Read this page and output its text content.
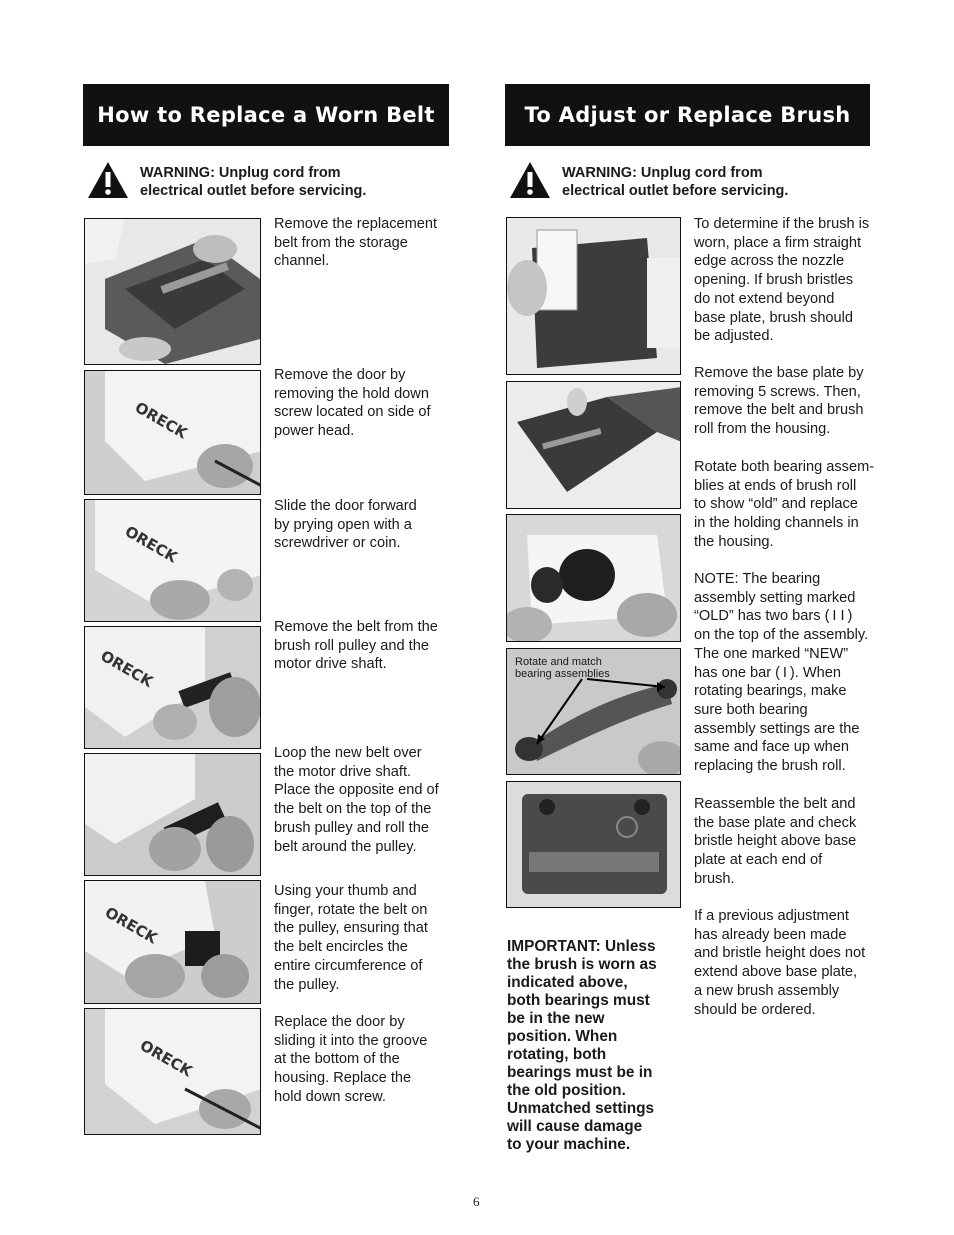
How to Replace a Worn Belt
WARNING: Unplug cord from
electrical outlet before servicing.
ORECK
ORECK
ORECK
ORECK
ORECK
Remove the replacement
belt from the storage
channel.
Remove the door by
removing the hold down
screw located on side of
power head.
Slide the door forward
by prying open with a
screwdriver or coin.
Remove the belt from the
brush roll pulley and the
motor drive shaft.
Loop the new belt over
the motor drive shaft.
Place the opposite end of
the belt on the top of the
brush pulley and roll the
belt around the pulley.
Using your thumb and
finger, rotate the belt on
the pulley, ensuring that
the belt encircles the
entire circumference of
the pulley.
Replace the door by
sliding it into the groove
at the bottom of the
housing. Replace the
hold down screw.
To Adjust or Replace Brush
WARNING: Unplug cord from
electrical outlet before servicing.
Rotate and match
bearing assemblies
To determine if the brush is
worn, place a firm straight
edge across the nozzle
opening. If brush bristles
do not extend beyond
base plate, brush should
be adjusted.
Remove the base plate by
removing 5 screws. Then,
remove the belt and brush
roll from the housing.
Rotate both bearing assem-
blies at ends of brush roll
to show “old” and replace
in the holding channels in
the housing.
NOTE: The bearing
assembly setting marked
“OLD” has two bars ( I I )
on the top of the assembly.
The one marked “NEW”
has one bar ( I ). When
rotating bearings, make
sure both bearing
assembly settings are the
same and face up when
replacing the brush roll.
Reassemble the belt and
the base plate and check
bristle height above base
plate at each end of
brush.
If a previous adjustment
has already been made
and bristle height does not
extend above base plate,
a new brush assembly
should be ordered.
IMPORTANT: Unless
the brush is worn as
indicated above,
both bearings must
be in the new
position. When
rotating, both
bearings must be in
the old position.
Unmatched settings
will cause damage
to your machine.
6
